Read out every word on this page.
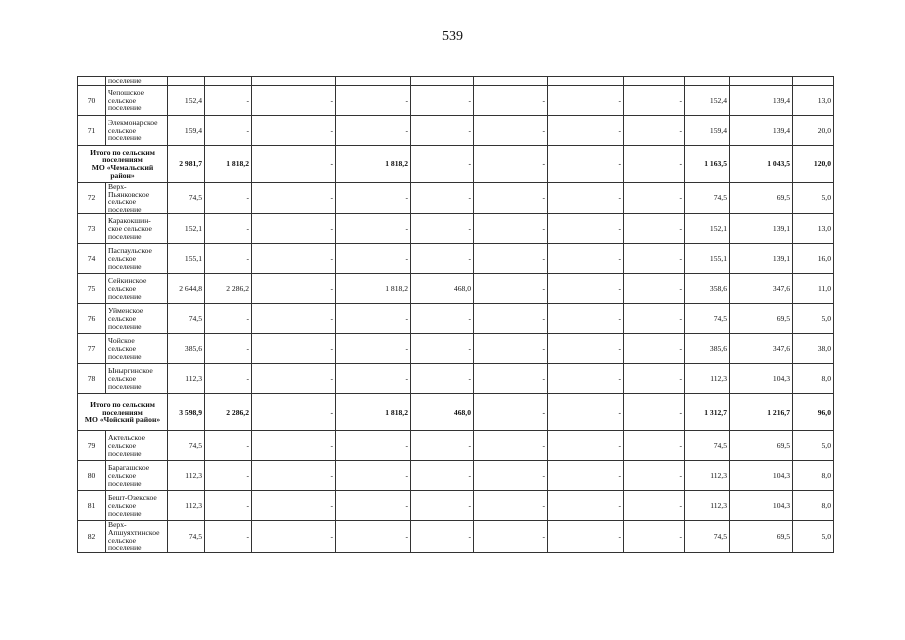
539
	поселение											
70	Чепошское
сельское
поселение	152,4	-	-	-	-	-	-	-	152,4	139,4	13,0
71	Элекмонарское
сельское
поселение	159,4	-	-	-	-	-	-	-	159,4	139,4	20,0

Итого по сельским
поселениям
МО «Чемальский
район»		2 981,7	1 818,2	-	1 818,2	-	-	-	-	1 163,5	1 043,5	120,0
72	Верх-
Пьянковское
сельское
поселение	74,5	-	-	-	-	-	-	-	74,5	69,5	5,0
73	Каракокшин-
ское сельское
поселение	152,1	-	-	-	-	-	-	-	152,1	139,1	13,0
74	Паспаульское
сельское
поселение	155,1	-	-	-	-	-	-	-	155,1	139,1	16,0
75	Сейкинское
сельское
поселение	2 644,8	2 286,2	-	1 818,2	468,0	-	-	-	358,6	347,6	11,0
76	Уйменское
сельское
поселение	74,5	-	-	-	-	-	-	-	74,5	69,5	5,0
77	Чойское
сельское
поселение	385,6	-	-	-	-	-	-	-	385,6	347,6	38,0
78	Ыныргинское
сельское
поселение	112,3	-	-	-	-	-	-	-	112,3	104,3	8,0

Итого по сельским
поселениям
МО «Чойский район»		3 598,9	2 286,2	-	1 818,2	468,0	-	-	-	1 312,7	1 216,7	96,0
79	Актельское
сельское
поселение	74,5	-	-	-	-	-	-	-	74,5	69,5	5,0
80	Барагашское
сельское
поселение	112,3	-	-	-	-	-	-	-	112,3	104,3	8,0
81	Бешт-Озекское
сельское
поселение	112,3	-	-	-	-	-	-	-	112,3	104,3	8,0
82	Верх-
Апшуяхтинское
сельское
поселение	74,5	-	-	-	-	-	-	-	74,5	69,5	5,0
